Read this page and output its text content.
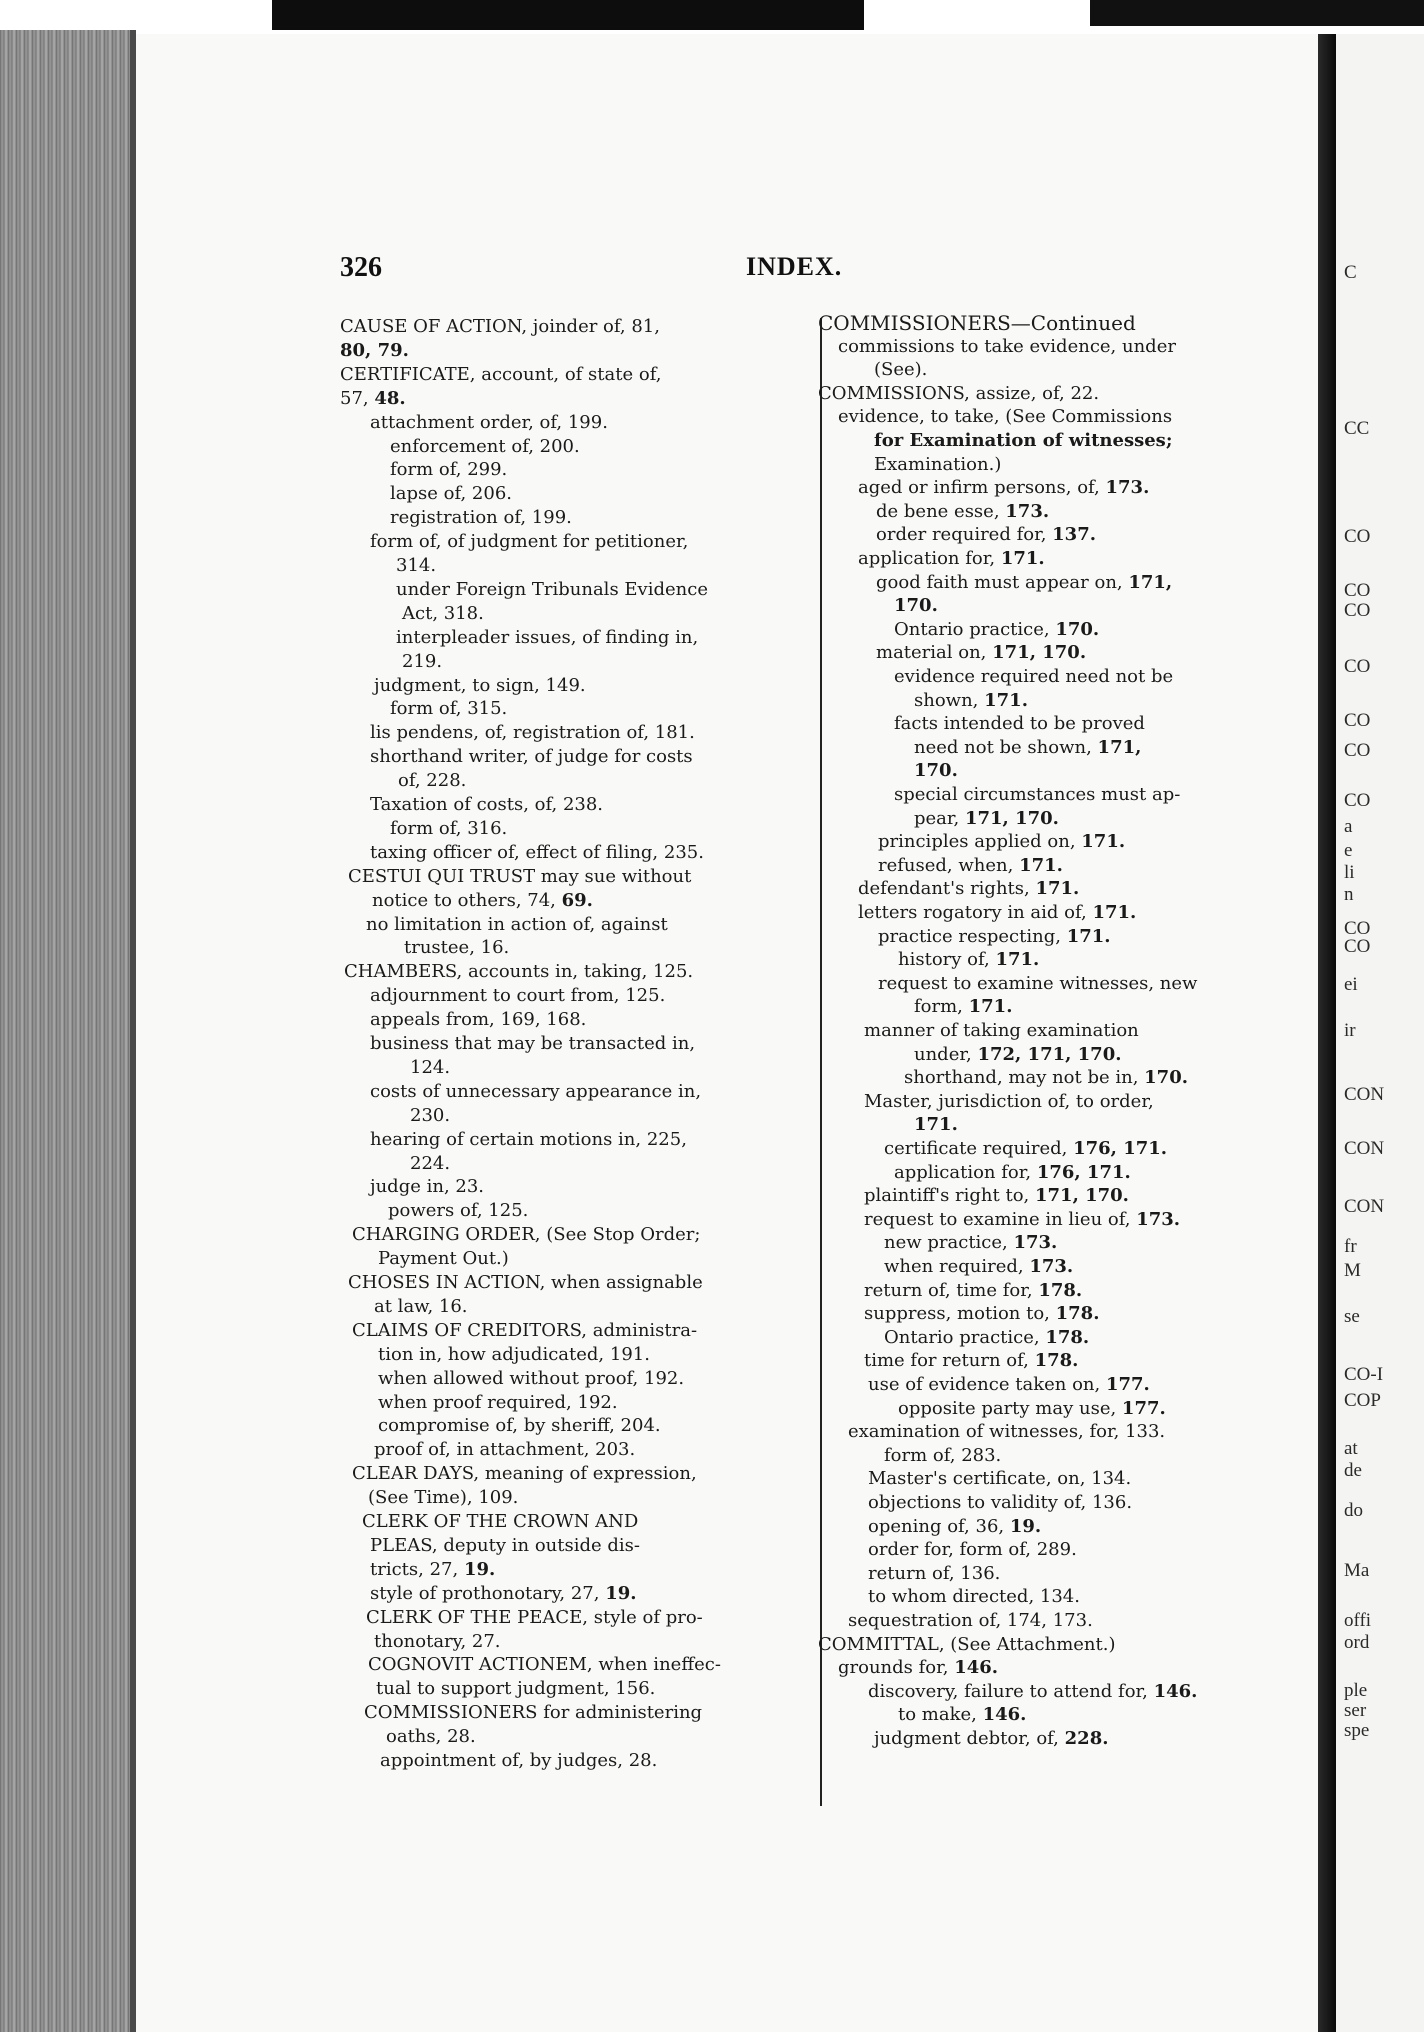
326	INDEX.
CAUSE OF ACTION, joinder of, 81,
80, 79.
CERTIFICATE, account, of state of,
57, 48.
attachment order, of, 199.
enforcement of, 200.
form of, 299.
lapse of, 206.
registration of, 199.
form of, of judgment for petitioner,
314.
under Foreign Tribunals Evidence
Act, 318.
interpleader issues, of finding in,
219.
judgment, to sign, 149.
form of, 315.
lis pendens, of, registration of, 181.
shorthand writer, of judge for costs
of, 228.
Taxation of costs, of, 238.
form of, 316.
taxing officer of, effect of filing, 235.
CESTUI QUI TRUST may sue without
notice to others, 74, 69.
no limitation in action of, against
trustee, 16.
CHAMBERS, accounts in, taking, 125.
adjournment to court from, 125.
appeals from, 169, 168.
business that may be transacted in,
124.
costs of unnecessary appearance in,
230.
hearing of certain motions in, 225,
224.
judge in, 23.
powers of, 125.
CHARGING ORDER, (See Stop Order;
Payment Out.)
CHOSES IN ACTION, when assignable
at law, 16.
CLAIMS OF CREDITORS, administra-
tion in, how adjudicated, 191.
when allowed without proof, 192.
when proof required, 192.
compromise of, by sheriff, 204.
proof of, in attachment, 203.
CLEAR DAYS, meaning of expression,
(See Time), 109.
CLERK OF THE CROWN AND
PLEAS, deputy in outside dis-
tricts, 27, 19.
style of prothonotary, 27, 19.
CLERK OF THE PEACE, style of pro-
thonotary, 27.
COGNOVIT ACTIONEM, when ineffec-
tual to support judgment, 156.
COMMISSIONERS for administering
oaths, 28.
appointment of, by judges, 28.
COMMISSIONERS—Continued
commissions to take evidence, under
(See).
COMMISSIONS, assize, of, 22.
evidence, to take, (See Commissions
for Examination of witnesses;
Examination.)
aged or infirm persons, of, 173.
de bene esse, 173.
order required for, 137.
application for, 171.
good faith must appear on, 171,
170.
Ontario practice, 170.
material on, 171, 170.
evidence required need not be
shown, 171.
facts intended to be proved
need not be shown, 171,
170.
special circumstances must ap-
pear, 171, 170.
principles applied on, 171.
refused, when, 171.
defendant's rights, 171.
letters rogatory in aid of, 171.
practice respecting, 171.
history of, 171.
request to examine witnesses, new
form, 171.
manner of taking examination
under, 172, 171, 170.
shorthand, may not be in, 170.
Master, jurisdiction of, to order,
171.
certificate required, 176, 171.
application for, 176, 171.
plaintiff's right to, 171, 170.
request to examine in lieu of, 173.
new practice, 173.
when required, 173.
return of, time for, 178.
suppress, motion to, 178.
Ontario practice, 178.
time for return of, 178.
use of evidence taken on, 177.
opposite party may use, 177.
examination of witnesses, for, 133.
form of, 283.
Master's certificate, on, 134.
objections to validity of, 136.
opening of, 36, 19.
order for, form of, 289.
return of, 136.
to whom directed, 134.
sequestration of, 174, 173.
COMMITTAL, (See Attachment.)
grounds for, 146.
discovery, failure to attend for, 146.
to make, 146.
judgment debtor, of, 228.
C
CC
CO
CO
CO
CO
CO
CO
CO
a
e
li
n
CO
CO
ei
ir
CON
CON
CON
fr
M
se
CO-I
COP
at
de
do
Ma
offi
ord
ple
ser
spe
